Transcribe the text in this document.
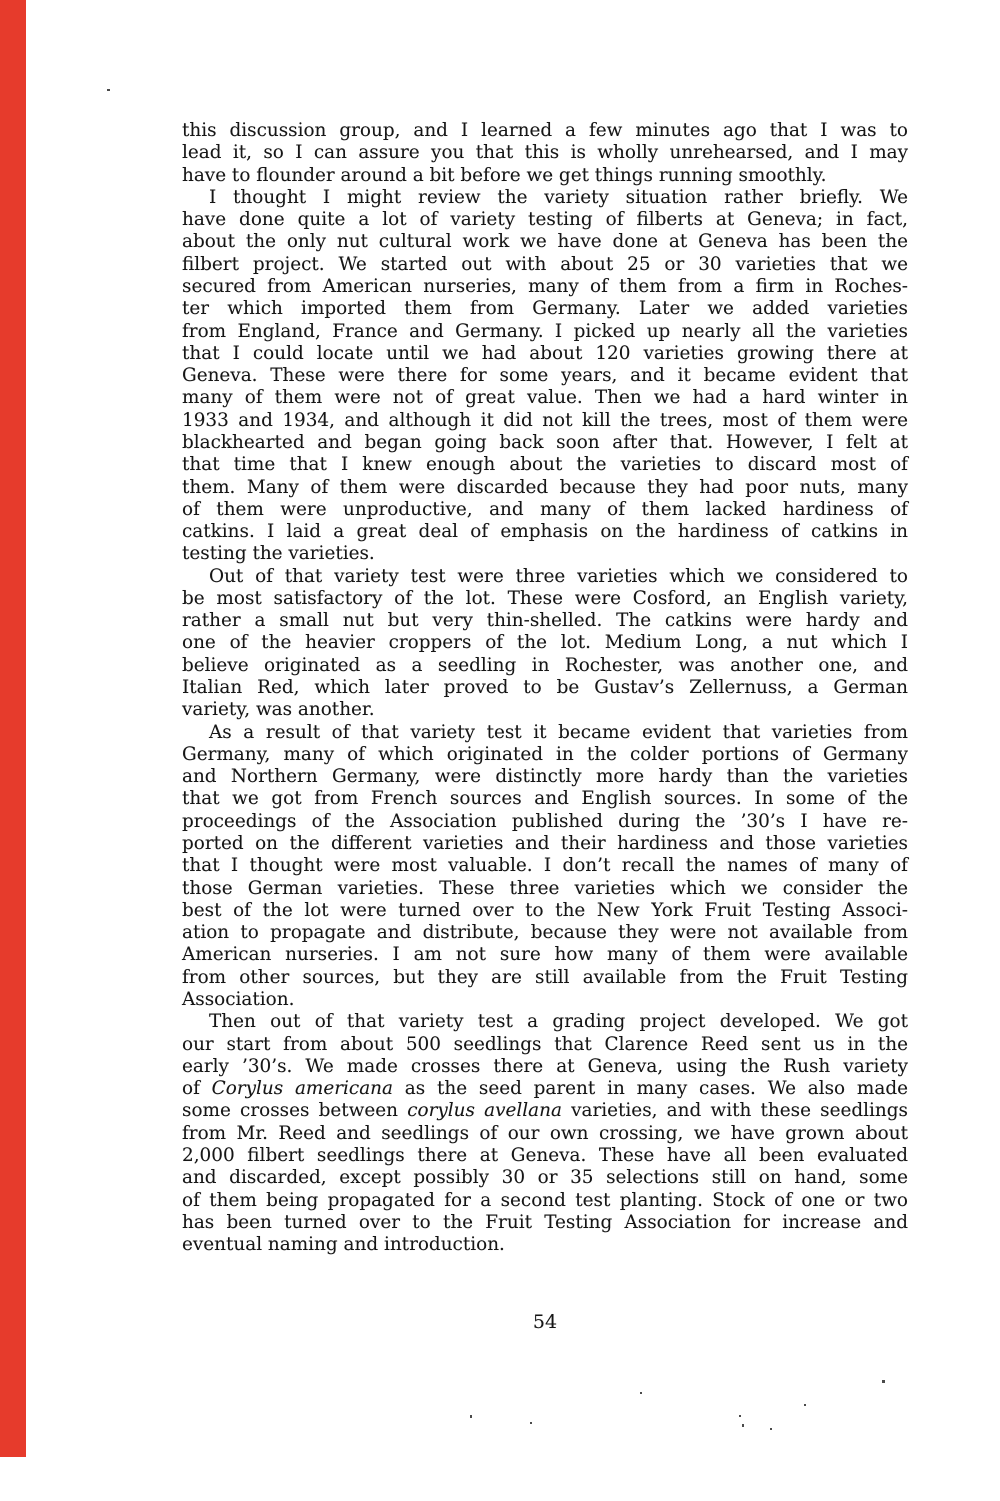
this discussion group, and I learned a few minutes ago that I was to
lead it, so I can assure you that this is wholly unrehearsed, and I may
have to flounder around a bit before we get things running smoothly.
I thought I might review the variety situation rather briefly. We
have done quite a lot of variety testing of filberts at Geneva; in fact,
about the only nut cultural work we have done at Geneva has been the
filbert project. We started out with about 25 or 30 varieties that we
secured from American nurseries, many of them from a firm in Roches-
ter which imported them from Germany. Later we added varieties
from England, France and Germany. I picked up nearly all the varieties
that I could locate until we had about 120 varieties growing there at
Geneva. These were there for some years, and it became evident that
many of them were not of great value. Then we had a hard winter in
1933 and 1934, and although it did not kill the trees, most of them were
blackhearted and began going back soon after that. However, I felt at
that time that I knew enough about the varieties to discard most of
them. Many of them were discarded because they had poor nuts, many
of them were unproductive, and many of them lacked hardiness of
catkins. I laid a great deal of emphasis on the hardiness of catkins in
testing the varieties.
Out of that variety test were three varieties which we considered to
be most satisfactory of the lot. These were Cosford, an English variety,
rather a small nut but very thin-shelled. The catkins were hardy and
one of the heavier croppers of the lot. Medium Long, a nut which I
believe originated as a seedling in Rochester, was another one, and
Italian Red, which later proved to be Gustav’s Zellernuss, a German
variety, was another.
As a result of that variety test it became evident that varieties from
Germany, many of which originated in the colder portions of Germany
and Northern Germany, were distinctly more hardy than the varieties
that we got from French sources and English sources. In some of the
proceedings of the Association published during the ’30’s I have re-
ported on the different varieties and their hardiness and those varieties
that I thought were most valuable. I don’t recall the names of many of
those German varieties. These three varieties which we consider the
best of the lot were turned over to the New York Fruit Testing Associ-
ation to propagate and distribute, because they were not available from
American nurseries. I am not sure how many of them were available
from other sources, but they are still available from the Fruit Testing
Association.
Then out of that variety test a grading project developed. We got
our start from about 500 seedlings that Clarence Reed sent us in the
early ’30’s. We made crosses there at Geneva, using the Rush variety
of Corylus americana as the seed parent in many cases. We also made
some crosses between corylus avellana varieties, and with these seedlings
from Mr. Reed and seedlings of our own crossing, we have grown about
2,000 filbert seedlings there at Geneva. These have all been evaluated
and discarded, except possibly 30 or 35 selections still on hand, some
of them being propagated for a second test planting. Stock of one or two
has been turned over to the Fruit Testing Association for increase and
eventual naming and introduction.
54
